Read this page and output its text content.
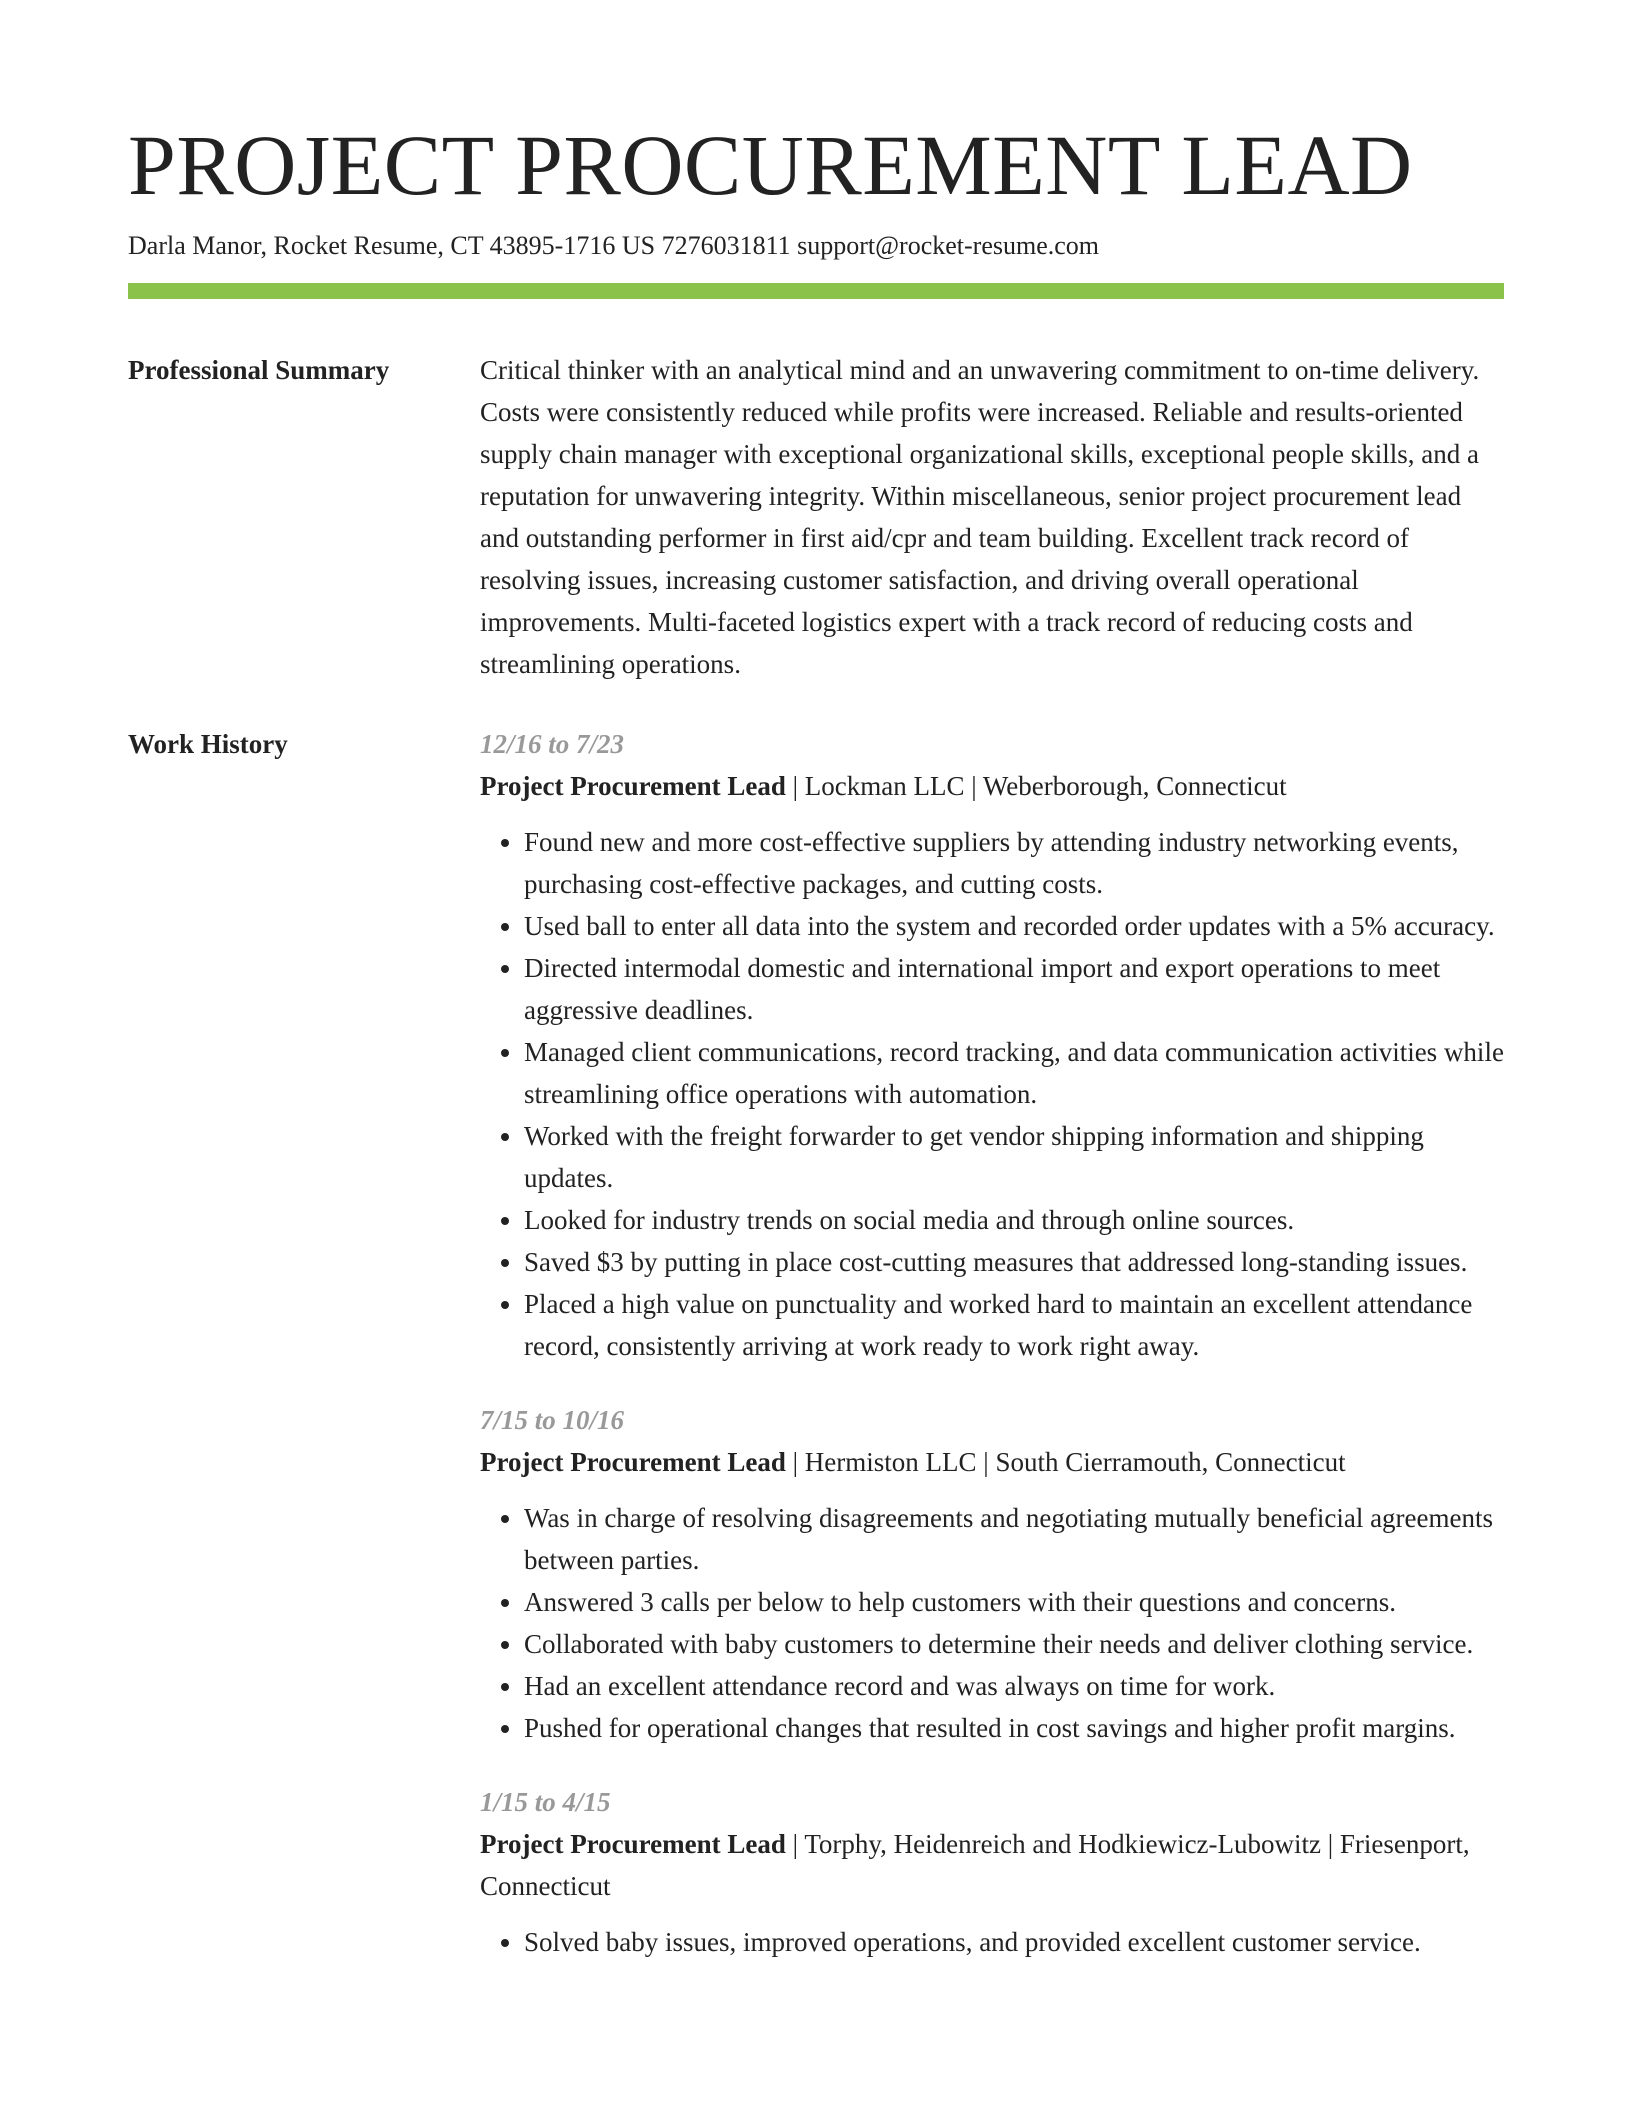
PROJECT PROCUREMENT LEAD
Darla Manor, Rocket Resume, CT 43895-1716 US 7276031811 support@rocket-resume.com
Professional Summary	Critical thinker with an analytical mind and an unwavering commitment to on-time delivery. Costs were consistently reduced while profits were increased. Reliable and results-oriented supply chain manager with exceptional organizational skills, exceptional people skills, and a reputation for unwavering integrity. Within miscellaneous, senior project procurement lead and outstanding performer in first aid/cpr and team building. Excellent track record of resolving issues, increasing customer satisfaction, and driving overall operational improvements. Multi-faceted logistics expert with a track record of reducing costs and streamlining operations.

Work History	12/16 to 7/23
Project Procurement Lead | Lockman LLC | Weberborough, Connecticut
• Found new and more cost-effective suppliers by attending industry networking events, purchasing cost-effective packages, and cutting costs.
• Used ball to enter all data into the system and recorded order updates with a 5% accuracy.
• Directed intermodal domestic and international import and export operations to meet aggressive deadlines.
• Managed client communications, record tracking, and data communication activities while streamlining office operations with automation.
• Worked with the freight forwarder to get vendor shipping information and shipping updates.
• Looked for industry trends on social media and through online sources.
• Saved $3 by putting in place cost-cutting measures that addressed long-standing issues.
• Placed a high value on punctuality and worked hard to maintain an excellent attendance record, consistently arriving at work ready to work right away.
7/15 to 10/16
Project Procurement Lead | Hermiston LLC | South Cierramouth, Connecticut
• Was in charge of resolving disagreements and negotiating mutually beneficial agreements between parties.
• Answered 3 calls per below to help customers with their questions and concerns.
• Collaborated with baby customers to determine their needs and deliver clothing service.
• Had an excellent attendance record and was always on time for work.
• Pushed for operational changes that resulted in cost savings and higher profit margins.
1/15 to 4/15
Project Procurement Lead | Torphy, Heidenreich and Hodkiewicz-Lubowitz | Friesenport, Connecticut
• Solved baby issues, improved operations, and provided excellent customer service.
